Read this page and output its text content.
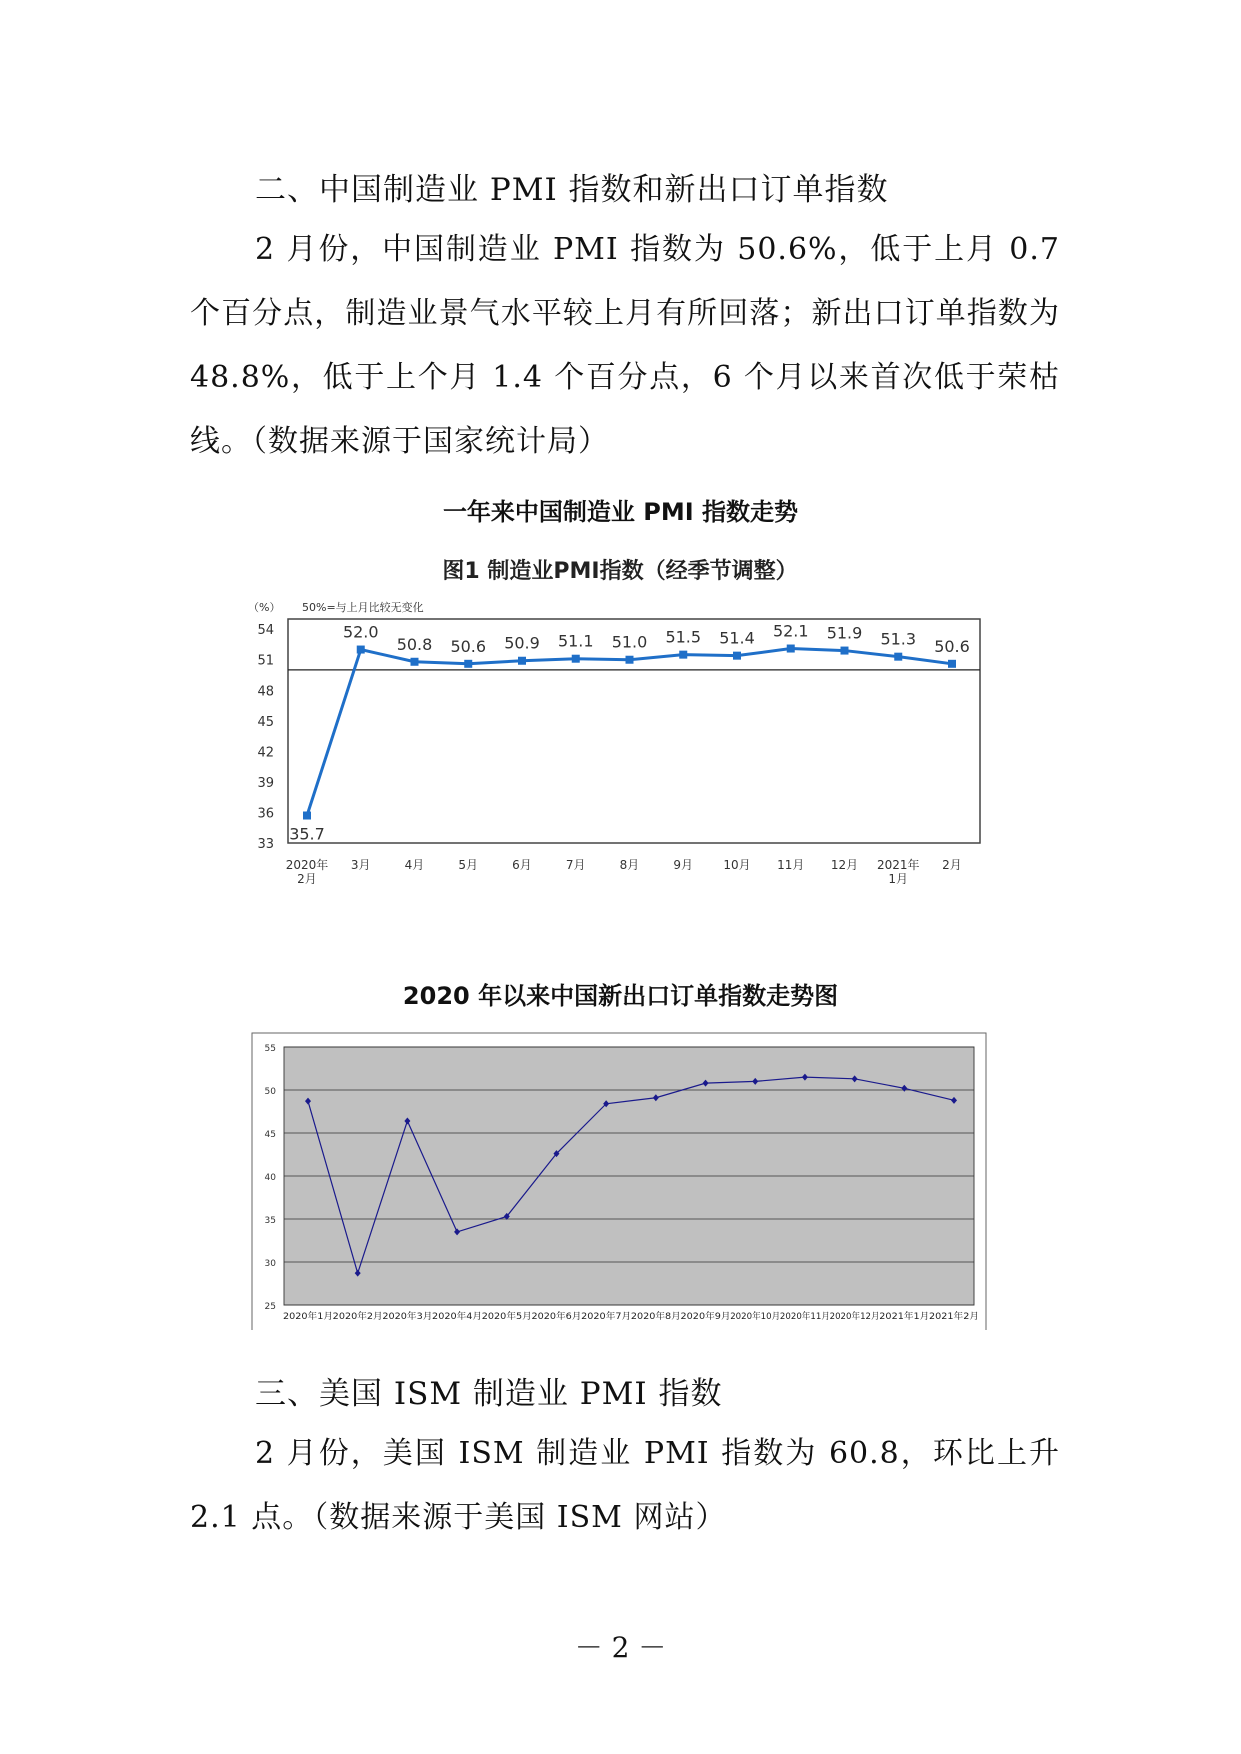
二、中国制造业 PMI 指数和新出口订单指数
2 月份，中国制造业 PMI 指数为 50.6%，低于上月 0.7 个百分点，制造业景气水平较上月有所回落；新出口订单指数为 48.8%，低于上个月 1.4 个百分点，6 个月以来首次低于荣枯线。（数据来源于国家统计局）
一年来中国制造业 PMI 指数走势
图1 制造业PMI指数（经季节调整）
（%） 50%=与上月比较无变化
54
51
48
45
42
39
36
33
2020年 2月
3月	4月	5月	6月	7月	8月	9月	10月 11月 12月 2021年 1月
2月
35.7
52.0
50.8 50.6 50.9 51.1 51.0 51.5 51.4 52.1 51.9 51.3 50.6
2020 年以来中国新出口订单指数走势图
55
50
45
40
35
30
25
2020年1月 2020年2月 2020年3月 2020年4月 2020年5月 2020年6月 2020年7月 2020年8月 2020年9月 2020年10月
2020年11月
2020年12月
2021年1月 2021年2月
三、美国 ISM 制造业 PMI 指数
2 月份，美国 ISM 制造业 PMI 指数为 60.8，环比上升 2.1 点。（数据来源于美国 ISM 网站）
－ 2 －
